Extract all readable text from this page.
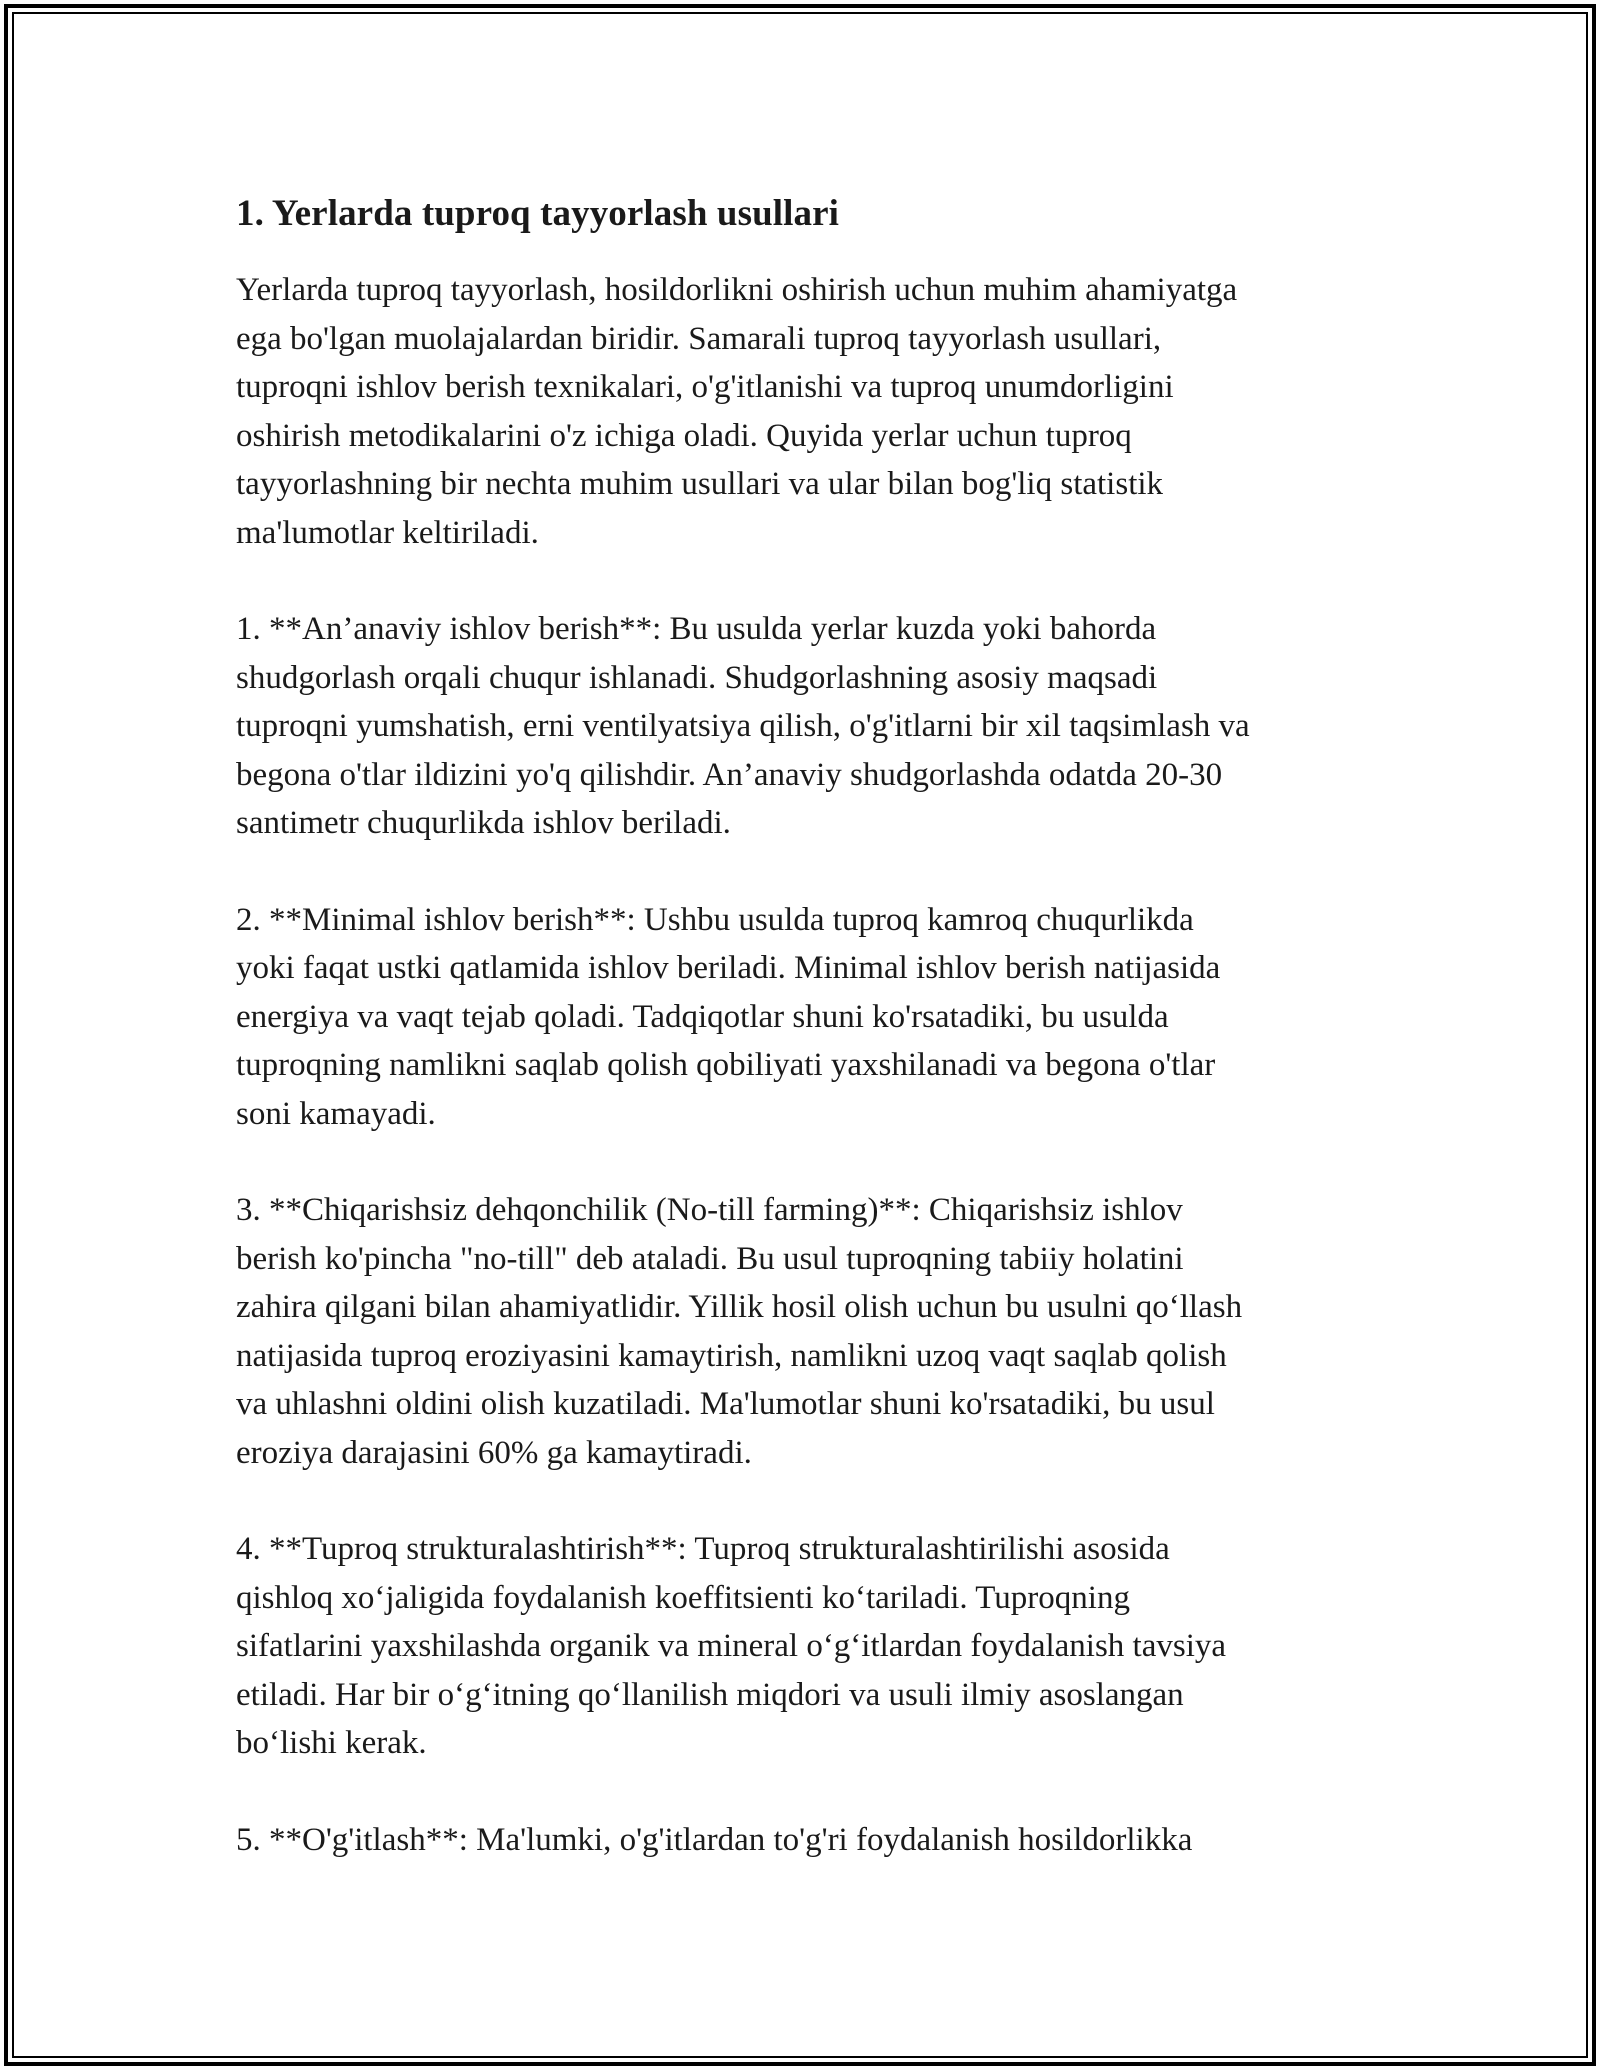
1. Yerlarda tuproq tayyorlash usullari

Yerlarda tuproq tayyorlash, hosildorlikni oshirish uchun muhim ahamiyatga
ega bo'lgan muolajalardan biridir. Samarali tuproq tayyorlash usullari,
tuproqni ishlov berish texnikalari, o'g'itlanishi va tuproq unumdorligini
oshirish metodikalarini o'z ichiga oladi. Quyida yerlar uchun tuproq
tayyorlashning bir nechta muhim usullari va ular bilan bog'liq statistik
ma'lumotlar keltiriladi.

1. **An’anaviy ishlov berish**: Bu usulda yerlar kuzda yoki bahorda
shudgorlash orqali chuqur ishlanadi. Shudgorlashning asosiy maqsadi
tuproqni yumshatish, erni ventilyatsiya qilish, o'g'itlarni bir xil taqsimlash va
begona o'tlar ildizini yo'q qilishdir. An’anaviy shudgorlashda odatda 20-30
santimetr chuqurlikda ishlov beriladi.

2. **Minimal ishlov berish**: Ushbu usulda tuproq kamroq chuqurlikda
yoki faqat ustki qatlamida ishlov beriladi. Minimal ishlov berish natijasida
energiya va vaqt tejab qoladi. Tadqiqotlar shuni ko'rsatadiki, bu usulda
tuproqning namlikni saqlab qolish qobiliyati yaxshilanadi va begona o'tlar
soni kamayadi.

3. **Chiqarishsiz dehqonchilik (No-till farming)**: Chiqarishsiz ishlov
berish ko'pincha "no-till" deb ataladi. Bu usul tuproqning tabiiy holatini
zahira qilgani bilan ahamiyatlidir. Yillik hosil olish uchun bu usulni qo‘llash
natijasida tuproq eroziyasini kamaytirish, namlikni uzoq vaqt saqlab qolish
va uhlashni oldini olish kuzatiladi. Ma'lumotlar shuni ko'rsatadiki, bu usul
eroziya darajasini 60% ga kamaytiradi.

4. **Tuproq strukturalashtirish**: Tuproq strukturalashtirilishi asosida
qishloq xo‘jaligida foydalanish koeffitsienti ko‘tariladi. Tuproqning
sifatlarini yaxshilashda organik va mineral o‘g‘itlardan foydalanish tavsiya
etiladi. Har bir o‘g‘itning qo‘llanilish miqdori va usuli ilmiy asoslangan
bo‘lishi kerak.

5. **O'g'itlash**: Ma'lumki, o'g'itlardan to'g'ri foydalanish hosildorlikka
